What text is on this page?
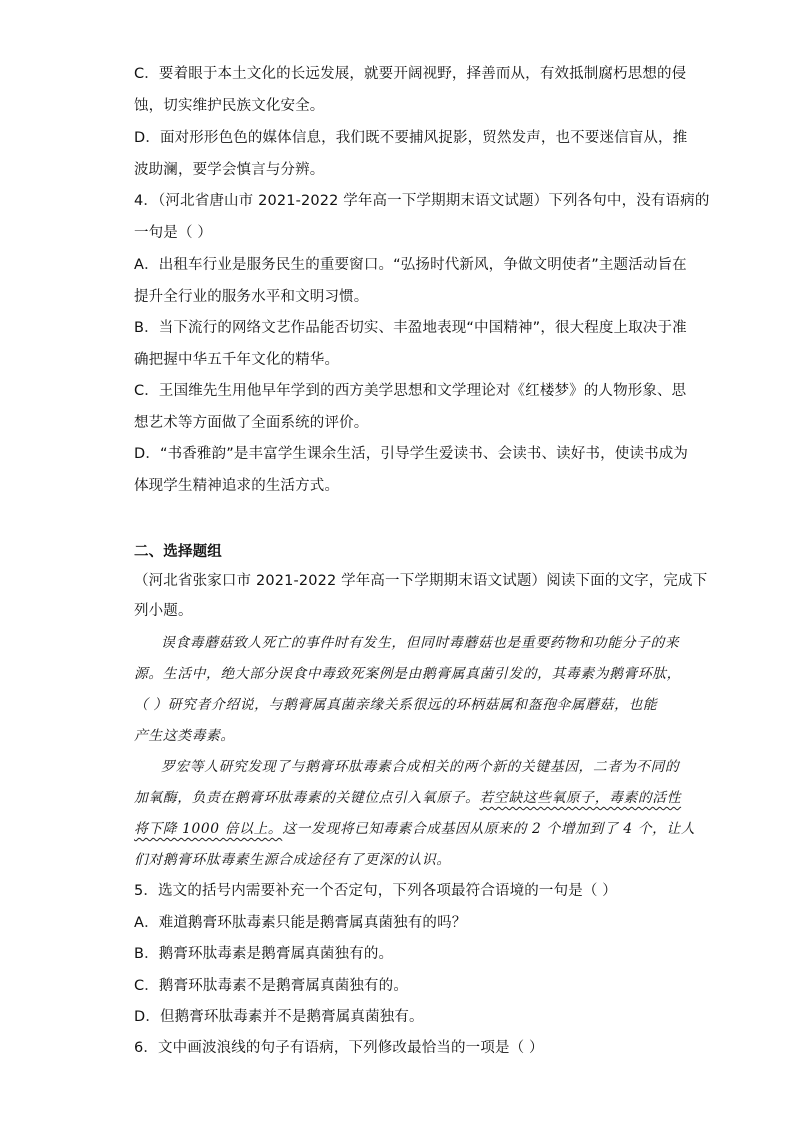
C．要着眼于本土文化的长远发展，就要开阔视野，择善而从，有效抵制腐朽思想的侵
蚀，切实维护民族文化安全。
D．面对形形色色的媒体信息，我们既不要捕风捉影，贸然发声，也不要迷信盲从，推
波助澜，要学会慎言与分辨。
4．（河北省唐山市 2021-2022 学年高一下学期期末语文试题）下列各句中，没有语病的
一句是（ ）
A．出租车行业是服务民生的重要窗口。“弘扬时代新风，争做文明使者”主题活动旨在
提升全行业的服务水平和文明习惯。
B．当下流行的网络文艺作品能否切实、丰盈地表现“中国精神”，很大程度上取决于准
确把握中华五千年文化的精华。
C．王国维先生用他早年学到的西方美学思想和文学理论对《红楼梦》的人物形象、思
想艺术等方面做了全面系统的评价。
D．“书香雅韵”是丰富学生课余生活，引导学生爱读书、会读书、读好书，使读书成为
体现学生精神追求的生活方式。
二、选择题组
（河北省张家口市 2021-2022 学年高一下学期期末语文试题）阅读下面的文字，完成下
列小题。
误食毒蘑菇致人死亡的事件时有发生，但同时毒蘑菇也是重要药物和功能分子的来
源。生活中，绝大部分误食中毒致死案例是由鹅膏属真菌引发的，其毒素为鹅膏环肽，
（ ）研究者介绍说，与鹅膏属真菌亲缘关系很远的环柄菇属和盔孢伞属蘑菇，也能
产生这类毒素。
罗宏等人研究发现了与鹅膏环肽毒素合成相关的两个新的关键基因，二者为不同的
加氧酶，负责在鹅膏环肽毒素的关键位点引入氧原子。若空缺这些氧原子，毒素的活性
将下降 1000 倍以上。这一发现将已知毒素合成基因从原来的 2 个增加到了 4 个，让人
们对鹅膏环肽毒素生源合成途径有了更深的认识。
5．选文的括号内需要补充一个否定句，下列各项最符合语境的一句是（ ）
A．难道鹅膏环肽毒素只能是鹅膏属真菌独有的吗？
B．鹅膏环肽毒素是鹅膏属真菌独有的。
C．鹅膏环肽毒素不是鹅膏属真菌独有的。
D．但鹅膏环肽毒素并不是鹅膏属真菌独有。
6．文中画波浪线的句子有语病，下列修改最恰当的一项是（ ）
